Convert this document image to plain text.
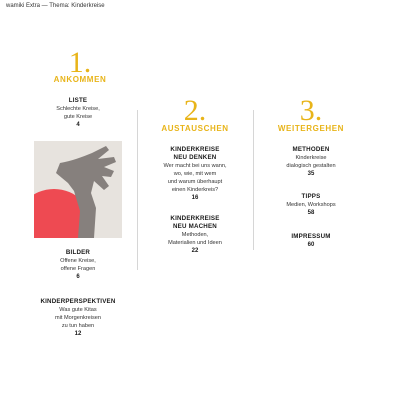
wamiki Extra — Thema: Kinderkreise
1.
ANKOMMEN
2.
AUSTAUSCHEN
3.
WEITERGEHEN
LISTE
Schlechte Kreise,
gute Kreise
4
BILDER
Offene Kreise,
offene Fragen
6
KINDERPERSPEKTIVEN
Was gute Kitas
mit Morgenkreisen
zu tun haben
12
KINDERKREISE
NEU DENKEN
Wer macht bei uns wann,
wo, wie, mit wem
und warum überhaupt
einen Kinderkreis?
16
KINDERKREISE
NEU MACHEN
Methoden,
Materialien und Ideen
22
METHODEN
Kinderkreise
dialogisch gestalten
35
TIPPS
Medien, Workshops
58
IMPRESSUM
60
